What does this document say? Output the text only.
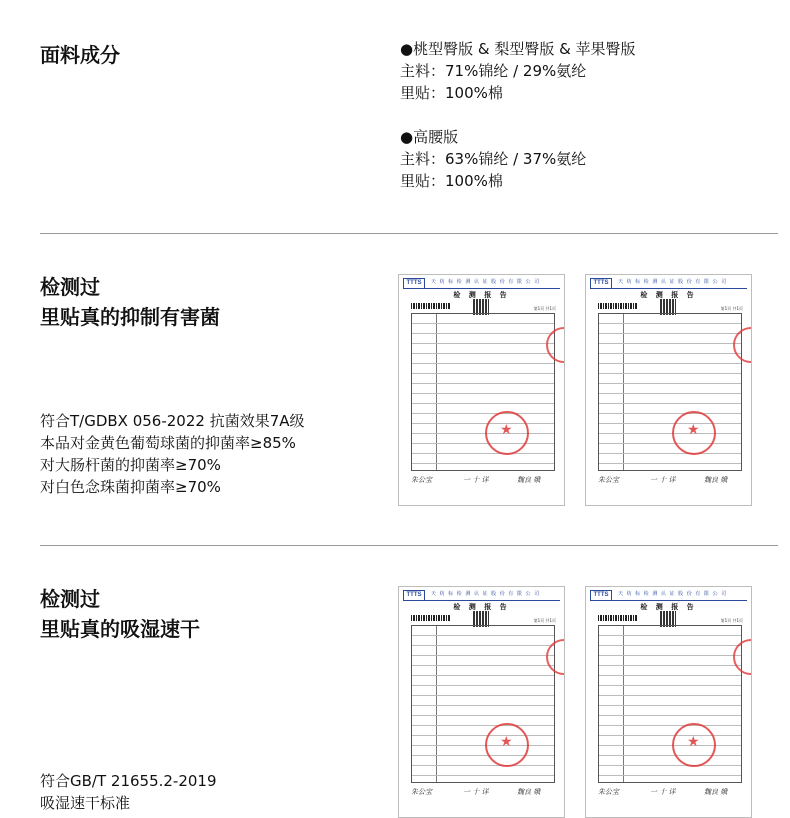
面料成分	●桃型臀版 & 梨型臀版 & 苹果臀版
主料：71%锦纶 / 29%氨纶
里贴：100%棉
●高腰版
主料：63%锦纶 / 37%氨纶
里贴：100%棉
检测过
里贴真的抑制有害菌
符合T/GDBX 056-2022 抗菌效果7A级
本品对金黄色葡萄球菌的抑菌率≥85%
对大肠杆菌的抑菌率≥70%
对白色念珠菌抑菌率≥70%
TTTS	天 纺 标 检 测 认 证 股 份 有 限 公 司
检 测 报 告
第1页 共1页
★
朱公宝	一 十 详	魏良 娥
TTTS	天 纺 标 检 测 认 证 股 份 有 限 公 司
检 测 报 告
第1页 共1页
★
朱公宝	一 十 详	魏良 娥
检测过
里贴真的吸湿速干
符合GB/T 21655.2-2019
吸湿速干标准
TTTS	天 纺 标 检 测 认 证 股 份 有 限 公 司
检 测 报 告
第1页 共1页
★
朱公宝	一 十 详	魏良 娥
TTTS	天 纺 标 检 测 认 证 股 份 有 限 公 司
检 测 报 告
第1页 共1页
★
朱公宝	一 十 详	魏良 娥
